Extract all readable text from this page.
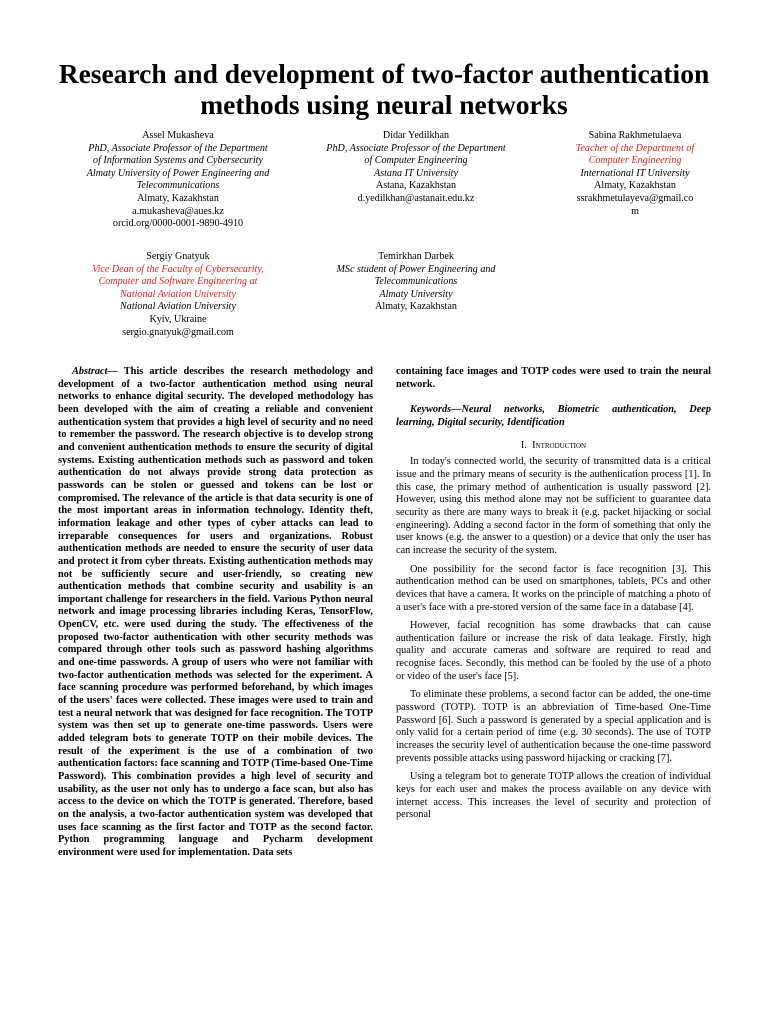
Research and development of two-factor authentication methods using neural networks
Assel Mukasheva
PhD, Associate Professor of the Department
of Information Systems and Cybersecurity
Almaty University of Power Engineering and
Telecommunications
Almaty, Kazakhstan
a.mukasheva@aues.kz
orcid.org/0000-0001-9890-4910
Didar Yedilkhan
PhD, Associate Professor of the Department
of Computer Engineering
Astana IT University
Astana, Kazakhstan
d.yedilkhan@astanait.edu.kz
Sabina Rakhmetulaeva
Teacher of the Department of
Computer Engineering
International IT University
Almaty, Kazakhstan
ssrakhmetulayeva@gmail.co
m
Sergiy Gnatyuk
Vice Dean of the Faculty of Cybersecurity,
Computer and Software Engineering at
National Aviation University
National Aviation University
Kyiv, Ukraine
sergio.gnatyuk@gmail.com
Temirkhan Darbek
MSc student of Power Engineering and
Telecommunications
Almaty University
Almaty, Kazakhstan

Abstract— This article describes the research methodology and development of a two-factor authentication method using neural networks to enhance digital security. The developed methodology has been developed with the aim of creating a reliable and convenient authentication system that provides a high level of security and no need to remember the password. The research objective is to develop strong and convenient authentication methods to ensure the security of digital systems. Existing authentication methods such as password and token authentication do not always provide strong data protection as passwords can be stolen or guessed and tokens can be lost or compromised. The relevance of the article is that data security is one of the most important areas in information technology. Identity theft, information leakage and other types of cyber attacks can lead to irreparable consequences for users and organizations. Robust authentication methods are needed to ensure the security of user data and protect it from cyber threats. Existing authentication methods may not be sufficiently secure and user-friendly, so creating new authentication methods that combine security and usability is an important challenge for researchers in the field. Various Python neural network and image processing libraries including Keras, TensorFlow, OpenCV, etc. were used during the study. The effectiveness of the proposed two-factor authentication with other security methods was compared through other tools such as password hashing algorithms and one-time passwords. A group of users who were not familiar with two-factor authentication methods was selected for the experiment. A face scanning procedure was performed beforehand, by which images of the users' faces were collected. These images were used to train and test a neural network that was designed for face recognition. The TOTP system was then set up to generate one-time passwords. Users were added telegram bots to generate TOTP on their mobile devices. The result of the experiment is the use of a combination of two authentication factors: face scanning and TOTP (Time-based One-Time Password). This combination provides a high level of security and usability, as the user not only has to undergo a face scan, but also has access to the device on which the TOTP is generated. Therefore, based on the analysis, a two-factor authentication system was developed that uses face scanning as the first factor and TOTP as the second factor. Python programming language and Pycharm development environment were used for implementation. Data sets

containing face images and TOTP codes were used to train the neural network.

Keywords—Neural networks, Biometric authentication, Deep learning, Digital security, Identification

I. Introduction

In today's connected world, the security of transmitted data is a critical issue and the primary means of security is the authentication process [1]. In this case, the primary method of authentication is usually password [2]. However, using this method alone may not be sufficient to guarantee data security as there are many ways to break it (e.g. packet hijacking or social engineering). Adding a second factor in the form of something that only the user knows (e.g. the answer to a question) or a device that only the user has can increase the security of the system.

One possibility for the second factor is face recognition [3]. This authentication method can be used on smartphones, tablets, PCs and other devices that have a camera. It works on the principle of matching a photo of a user's face with a pre-stored version of the same face in a database [4].

However, facial recognition has some drawbacks that can cause authentication failure or increase the risk of data leakage. Firstly, high quality and accurate cameras and software are required to read and recognise faces. Secondly, this method can be fooled by the use of a photo or video of the user's face [5].

To eliminate these problems, a second factor can be added, the one-time password (TOTP). TOTP is an abbreviation of Time-based One-Time Password [6]. Such a password is generated by a special application and is only valid for a certain period of time (e.g. 30 seconds). The use of TOTP increases the security level of authentication because the one-time password prevents possible attacks using password hijacking or cracking [7].

Using a telegram bot to generate TOTP allows the creation of individual keys for each user and makes the process available on any device with internet access. This increases the level of security and protection of personal
